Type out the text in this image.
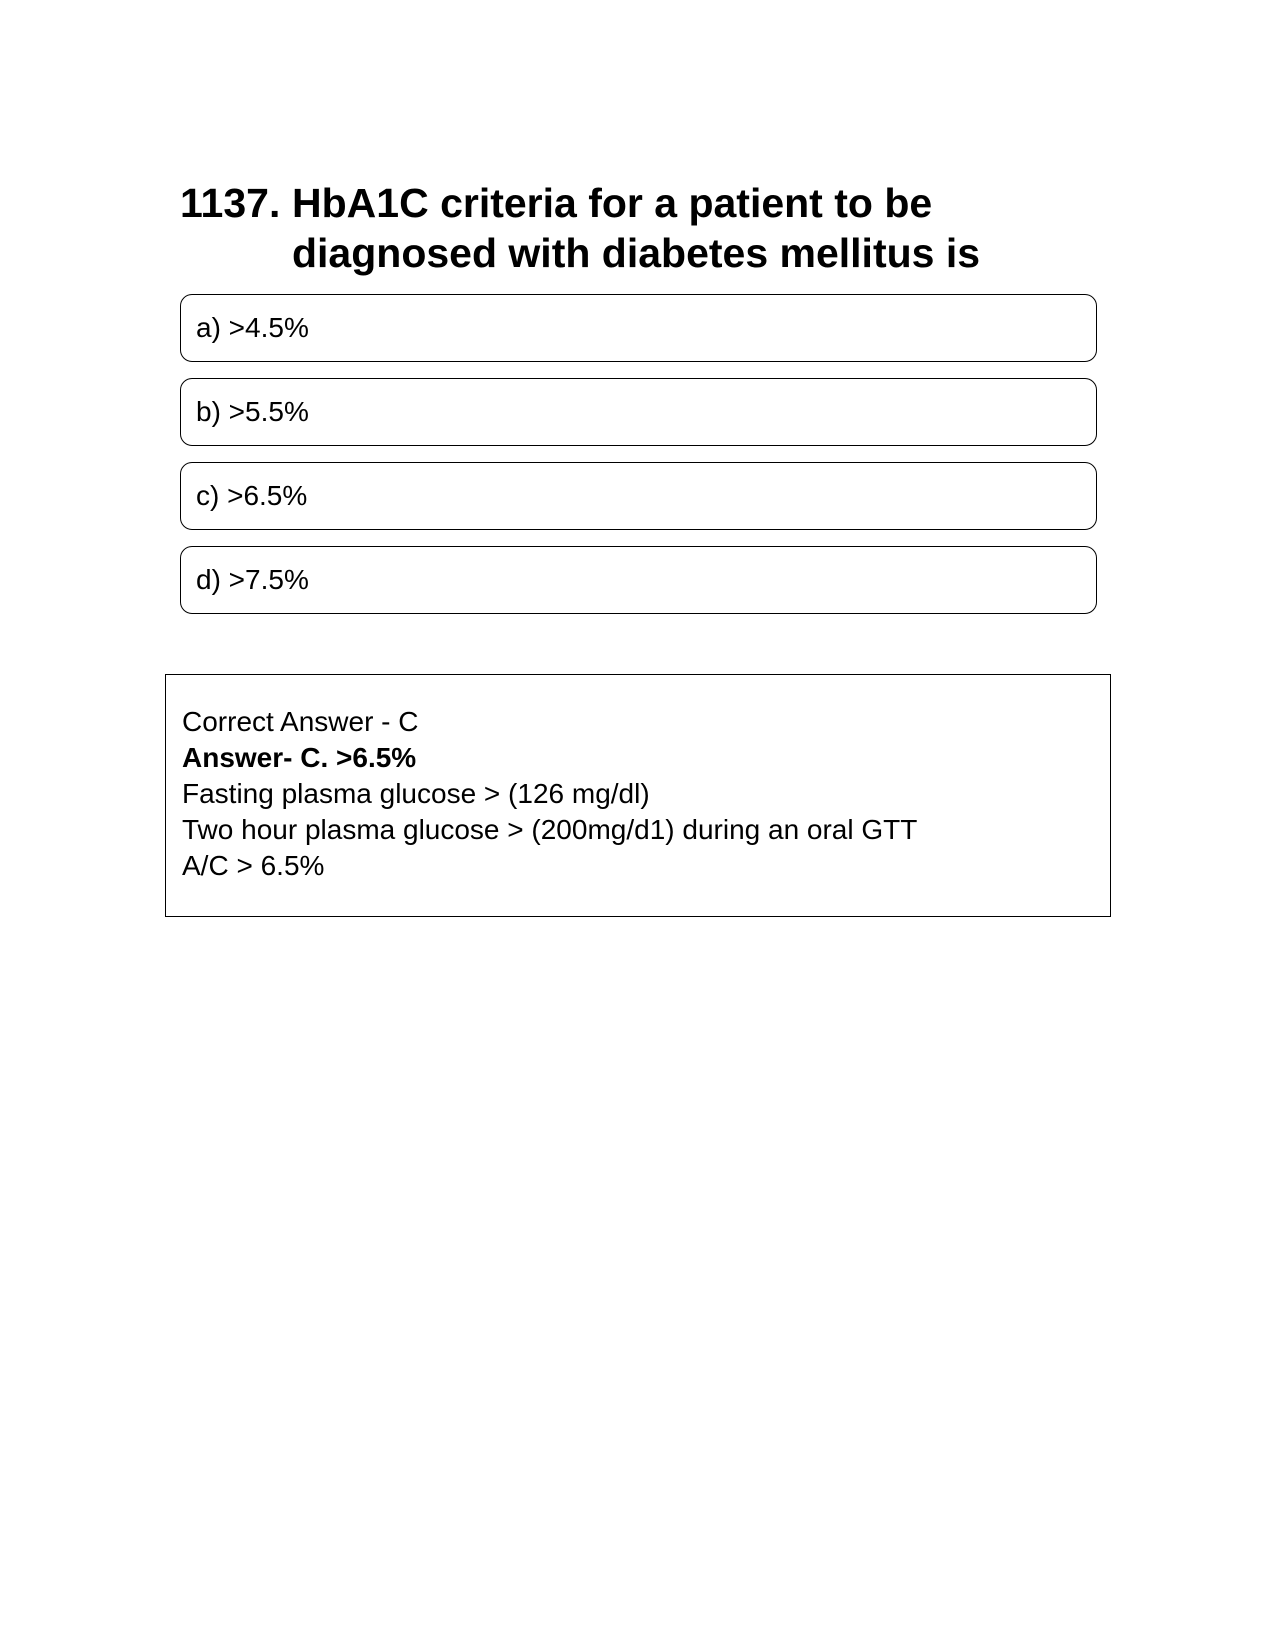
1137. HbA1C criteria for a patient to be diagnosed with diabetes mellitus is
a) >4.5%
b) >5.5%
c) >6.5%
d) >7.5%
Correct Answer - C
Answer- C. >6.5%
Fasting plasma glucose > (126 mg/dl)
Two hour plasma glucose > (200mg/d1) during an oral GTT
A/C > 6.5%
